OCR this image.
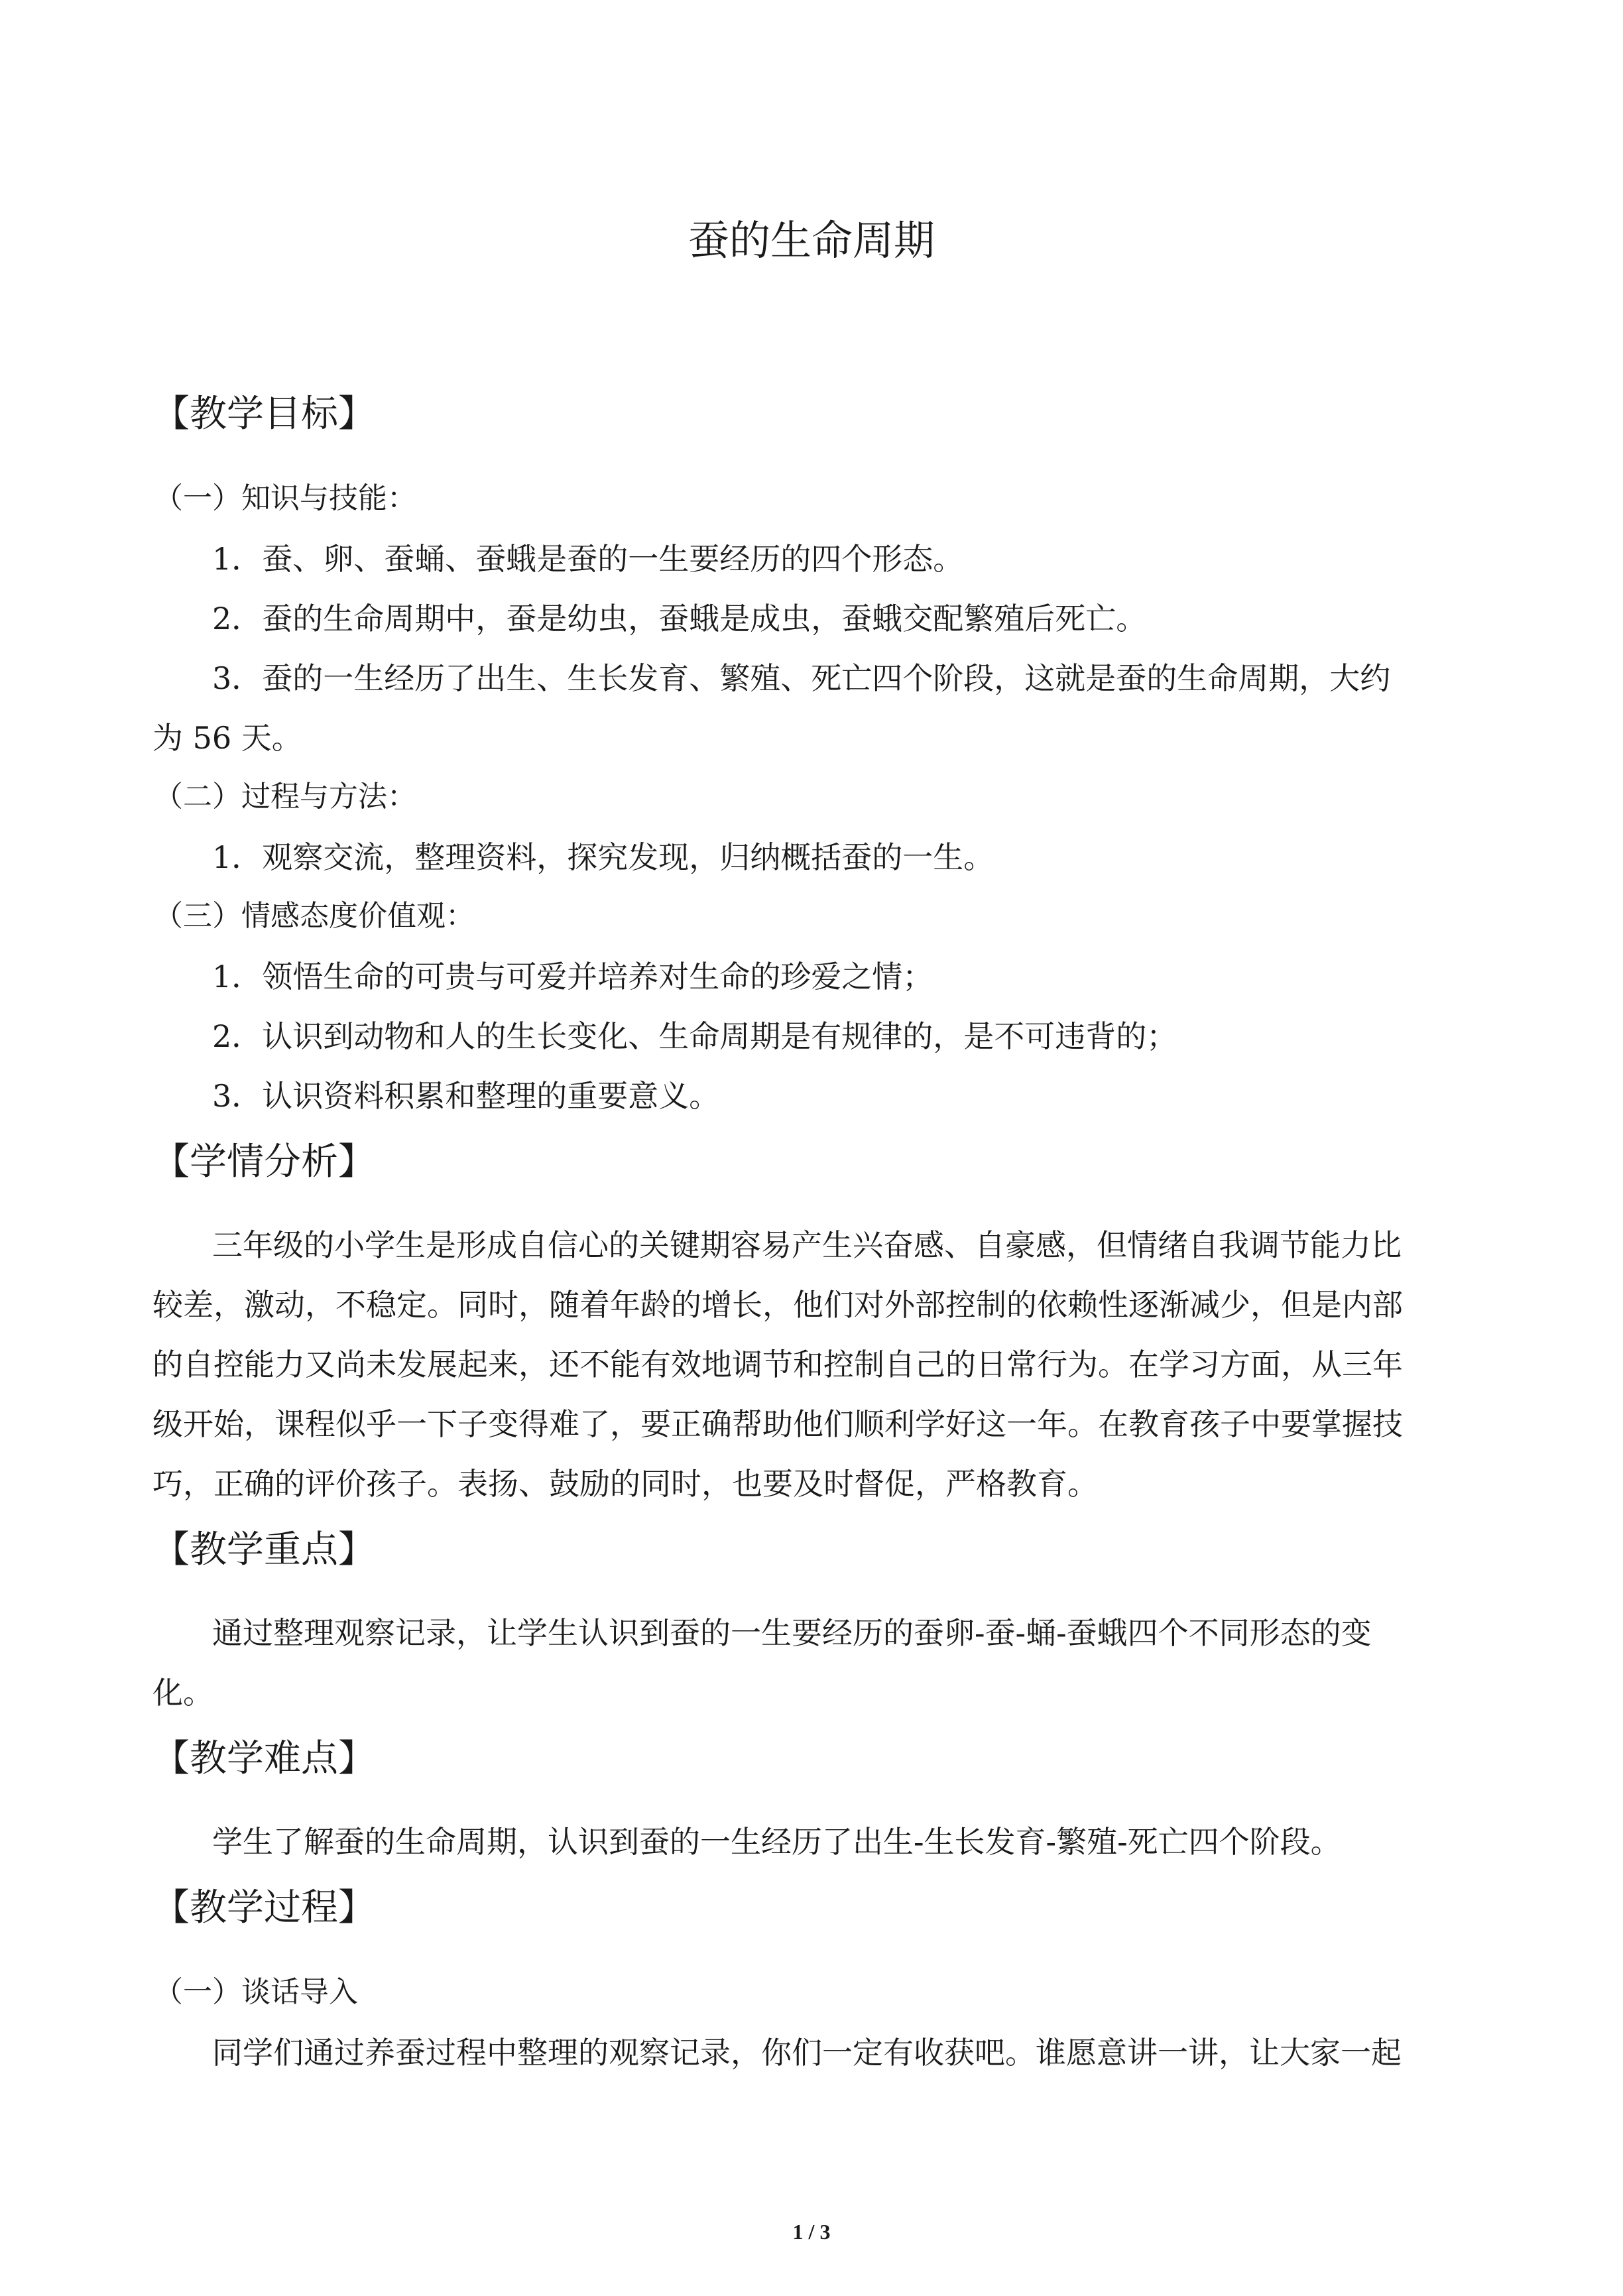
蚕的生命周期
【教学目标】
（一）知识与技能：
1．蚕、卵、蚕蛹、蚕蛾是蚕的一生要经历的四个形态。
2．蚕的生命周期中，蚕是幼虫，蚕蛾是成虫，蚕蛾交配繁殖后死亡。
3．蚕的一生经历了出生、生长发育、繁殖、死亡四个阶段，这就是蚕的生命周期，大约
为 56 天。
（二）过程与方法：
1．观察交流，整理资料，探究发现，归纳概括蚕的一生。
（三）情感态度价值观：
1．领悟生命的可贵与可爱并培养对生命的珍爱之情；
2．认识到动物和人的生长变化、生命周期是有规律的，是不可违背的；
3．认识资料积累和整理的重要意义。
【学情分析】
三年级的小学生是形成自信心的关键期容易产生兴奋感、自豪感，但情绪自我调节能力比
较差，激动，不稳定。同时，随着年龄的增长，他们对外部控制的依赖性逐渐减少，但是内部
的自控能力又尚未发展起来，还不能有效地调节和控制自己的日常行为。在学习方面，从三年
级开始，课程似乎一下子变得难了，要正确帮助他们顺利学好这一年。在教育孩子中要掌握技
巧，正确的评价孩子。表扬、鼓励的同时，也要及时督促，严格教育。
【教学重点】
通过整理观察记录，让学生认识到蚕的一生要经历的蚕卵-蚕-蛹-蚕蛾四个不同形态的变
化。
【教学难点】
学生了解蚕的生命周期，认识到蚕的一生经历了出生-生长发育-繁殖-死亡四个阶段。
【教学过程】
（一）谈话导入
同学们通过养蚕过程中整理的观察记录，你们一定有收获吧。谁愿意讲一讲，让大家一起
1 / 3
